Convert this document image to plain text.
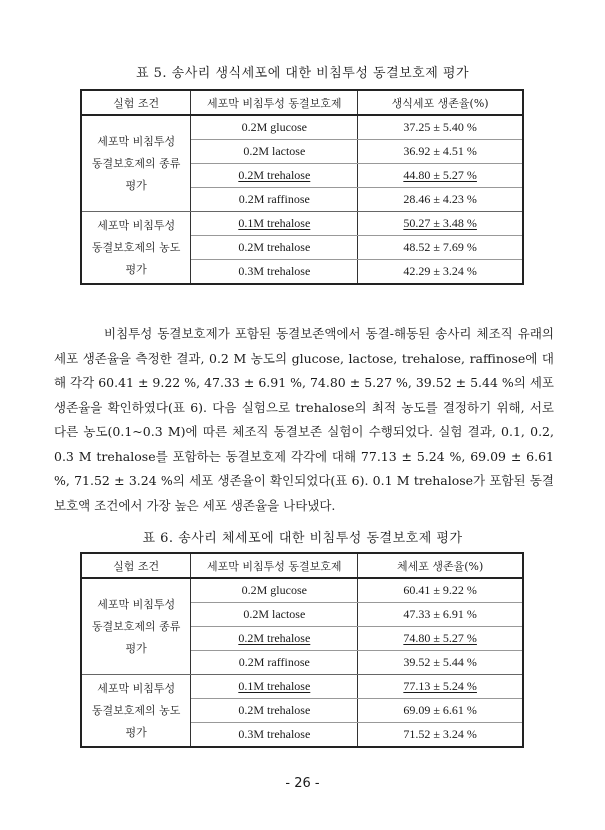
표 5. 송사리 생식세포에 대한 비침투성 동결보호제 평가
실험 조건	세포막 비침투성 동결보호제	생식세포 생존율(%)
세포막 비침투성
동결보호제의 종류
평가	0.2M glucose	37.25 ± 5.40 %
	0.2M lactose	36.92 ± 4.51 %
	0.2M trehalose	44.80 ± 5.27 %
	0.2M raffinose	28.46 ± 4.23 %
세포막 비침투성
동결보호제의 농도
평가	0.1M trehalose	50.27 ± 3.48 %
	0.2M trehalose	48.52 ± 7.69 %
	0.3M trehalose	42.29 ± 3.24 %

비침투성 동결보호제가 포함된 동결보존액에서 동결-해동된 송사리 체조직 유래의 세포 생존율을 측정한 결과, 0.2 M 농도의 glucose, lactose, trehalose, raffinose에 대해 각각 60.41 ± 9.22 %, 47.33 ± 6.91 %, 74.80 ± 5.27 %, 39.52 ± 5.44 %의 세포 생존율을 확인하였다(표 6). 다음 실험으로 trehalose의 최적 농도를 결정하기 위해, 서로 다른 농도(0.1~0.3 M)에 따른 체조직 동결보존 실험이 수행되었다. 실험 결과, 0.1, 0.2, 0.3 M trehalose를 포함하는 동결보호제 각각에 대해 77.13 ± 5.24 %, 69.09 ± 6.61 %, 71.52 ± 3.24 %의 세포 생존율이 확인되었다(표 6). 0.1 M trehalose가 포함된 동결보호액 조건에서 가장 높은 세포 생존율을 나타냈다.

표 6. 송사리 체세포에 대한 비침투성 동결보호제 평가
실험 조건	세포막 비침투성 동결보호제	체세포 생존율(%)
세포막 비침투성
동결보호제의 종류
평가	0.2M glucose	60.41 ± 9.22 %
	0.2M lactose	47.33 ± 6.91 %
	0.2M trehalose	74.80 ± 5.27 %
	0.2M raffinose	39.52 ± 5.44 %
세포막 비침투성
동결보호제의 농도
평가	0.1M trehalose	77.13 ± 5.24 %
	0.2M trehalose	69.09 ± 6.61 %
	0.3M trehalose	71.52 ± 3.24 %
- 26 -
